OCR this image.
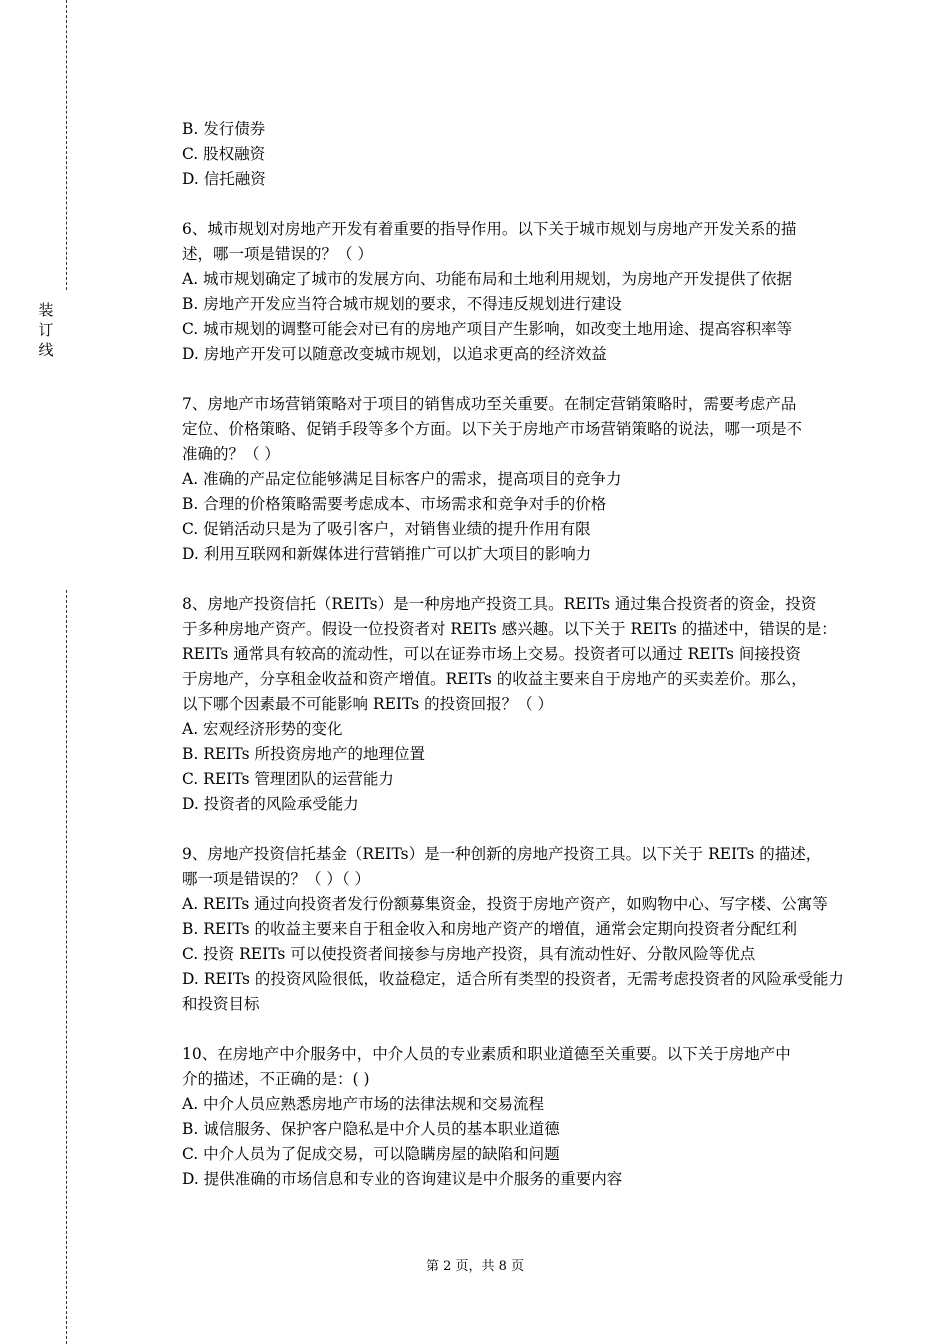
装
订
线
B. 发行债券
C. 股权融资
D. 信托融资
6、城市规划对房地产开发有着重要的指导作用。以下关于城市规划与房地产开发关系的描
述，哪一项是错误的？（ ）
A. 城市规划确定了城市的发展方向、功能布局和土地利用规划，为房地产开发提供了依据
B. 房地产开发应当符合城市规划的要求，不得违反规划进行建设
C. 城市规划的调整可能会对已有的房地产项目产生影响，如改变土地用途、提高容积率等
D. 房地产开发可以随意改变城市规划，以追求更高的经济效益
7、房地产市场营销策略对于项目的销售成功至关重要。在制定营销策略时，需要考虑产品
定位、价格策略、促销手段等多个方面。以下关于房地产市场营销策略的说法，哪一项是不
准确的？（ ）
A. 准确的产品定位能够满足目标客户的需求，提高项目的竞争力
B. 合理的价格策略需要考虑成本、市场需求和竞争对手的价格
C. 促销活动只是为了吸引客户，对销售业绩的提升作用有限
D. 利用互联网和新媒体进行营销推广可以扩大项目的影响力
8、房地产投资信托（REITs）是一种房地产投资工具。REITs 通过集合投资者的资金，投资
于多种房地产资产。假设一位投资者对 REITs 感兴趣。以下关于 REITs 的描述中，错误的是：
REITs 通常具有较高的流动性，可以在证券市场上交易。投资者可以通过 REITs 间接投资
于房地产，分享租金收益和资产增值。REITs 的收益主要来自于房地产的买卖差价。那么，
以下哪个因素最不可能影响 REITs 的投资回报？（ ）
A. 宏观经济形势的变化
B. REITs 所投资房地产的地理位置
C. REITs 管理团队的运营能力
D. 投资者的风险承受能力
9、房地产投资信托基金（REITs）是一种创新的房地产投资工具。以下关于 REITs 的描述，
哪一项是错误的？（ ）（ ）
A. REITs 通过向投资者发行份额募集资金，投资于房地产资产，如购物中心、写字楼、公寓等
B. REITs 的收益主要来自于租金收入和房地产资产的增值，通常会定期向投资者分配红利
C. 投资 REITs 可以使投资者间接参与房地产投资，具有流动性好、分散风险等优点
D. REITs 的投资风险很低，收益稳定，适合所有类型的投资者，无需考虑投资者的风险承受能力和投资目标
10、在房地产中介服务中，中介人员的专业素质和职业道德至关重要。以下关于房地产中
介的描述，不正确的是：( )
A. 中介人员应熟悉房地产市场的法律法规和交易流程
B. 诚信服务、保护客户隐私是中介人员的基本职业道德
C. 中介人员为了促成交易，可以隐瞒房屋的缺陷和问题
D. 提供准确的市场信息和专业的咨询建议是中介服务的重要内容
第 2 页，共 8 页
